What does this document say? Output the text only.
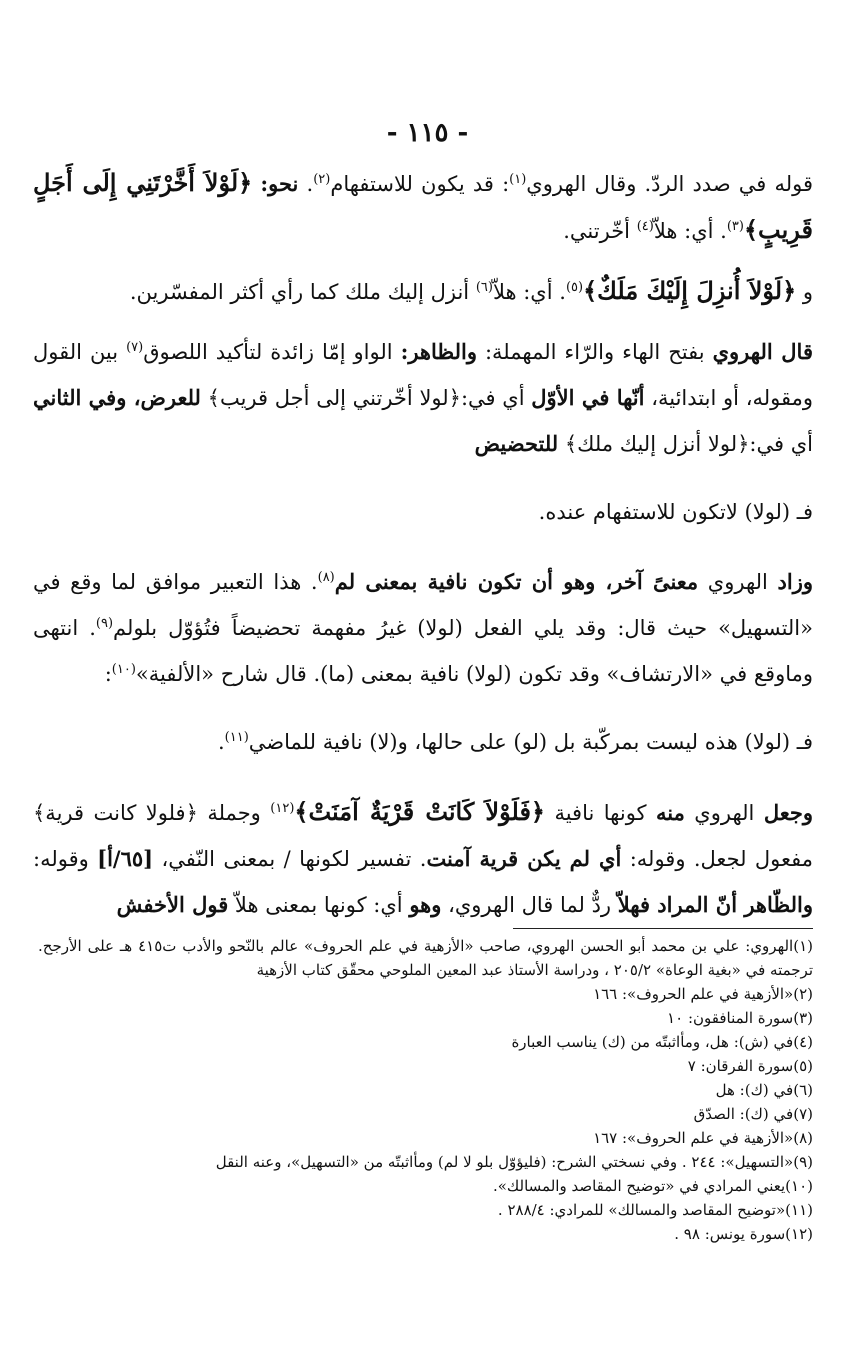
- ١١٥ -

قوله في صدد الردّ. وقال الهروي$^{(١)}$: قد يكون للاستفهام$^{(٢)}$. نحو: ﴿لَوْلاَ أَخَّرْتَنِي إِلَى أَجَلٍ قَرِيبٍ﴾$^{(٣)}$. أي: هلاّ$^{(٤)}$ أخّرتني.

و ﴿لَوْلاَ أُنزِلَ إِلَيْكَ مَلَكٌ﴾$^{(٥)}$. أي: هلاّ$^{(٦)}$ أنزل إليك ملك كما رأي أكثر المفسّرين.

قال الهروي بفتح الهاء والرّاء المهملة: والظاهر: الواو إمّا زائدة لتأكيد اللصوق$^{(٧)}$ بين القول ومقوله، أو ابتدائية، أنّها في الأوّل أي في:﴿لولا أخّرتني إلى أجل قريب﴾ للعرض، وفي الثاني أي في:﴿لولا أنزل إليك ملك﴾ للتحضيض

فـ (لولا) لاتكون للاستفهام عنده.

وزاد الهروي معنىً آخر، وهو أن تكون نافية بمعنى لم$^{(٨)}$. هذا التعبير موافق لما وقع في «التسهيل» حيث قال: وقد يلي الفعل (لولا) غيرُ مفهمة تحضيضاً فتُؤوّل بلولم$^{(٩)}$. انتهى وماوقع في «الارتشاف» وقد تكون (لولا) نافية بمعنى (ما). قال شارح «الألفية»$^{(١٠)}$:

فـ (لولا) هذه ليست بمركّبة بل (لو) على حالها، و(لا) نافية للماضي$^{(١١)}$.

وجعل الهروي منه كونها نافية ﴿فَلَوْلاَ كَانَتْ قَرْيَةٌ آمَنَتْ﴾$^{(١٢)}$ وجملة ﴿فلولا كانت قرية﴾ مفعول لجعل. وقوله: أي لم يكن قرية آمنت. تفسير لكونها / بمعنى النّفي، [٦٥/أ] وقوله: والظّاهر أنّ المراد فهلاّ ردٌّ لما قال الهروي، وهو أي: كونها بمعنى هلاّ قول الأخفش

(١)الهروي: علي بن محمد أبو الحسن الهروي، صاحب «الأزهية في علم الحروف» عالم بالنّحو والأدب ت٤١٥ هـ على الأرجح. ترجمته في «بغية الوعاة» ٢٠٥/٢ ، ودراسة الأستاذ عبد المعين الملوحي محقّق كتاب الأزهية
(٢)«الأزهية في علم الحروف»: ١٦٦
(٣)سورة المنافقون: ١٠
(٤)في (ش): هل، ومأاثبتّه من (ك) يناسب العبارة
(٥)سورة الفرقان: ٧
(٦)في (ك): هل
(٧)في (ك): الصدّق
(٨)«الأزهية في علم الحروف»: ١٦٧
(٩)«التسهيل»: ٢٤٤ . وفي نسختي الشرح: (فليؤوّل بلو لا لم) ومأاثبتّه من «التسهيل»، وعنه النقل
(١٠)يعني المرادي في «توضيح المقاصد والمسالك».
(١١)«توضيح المقاصد والمسالك» للمرادي: ٢٨٨/٤ .
(١٢)سورة يونس: ٩٨ .
